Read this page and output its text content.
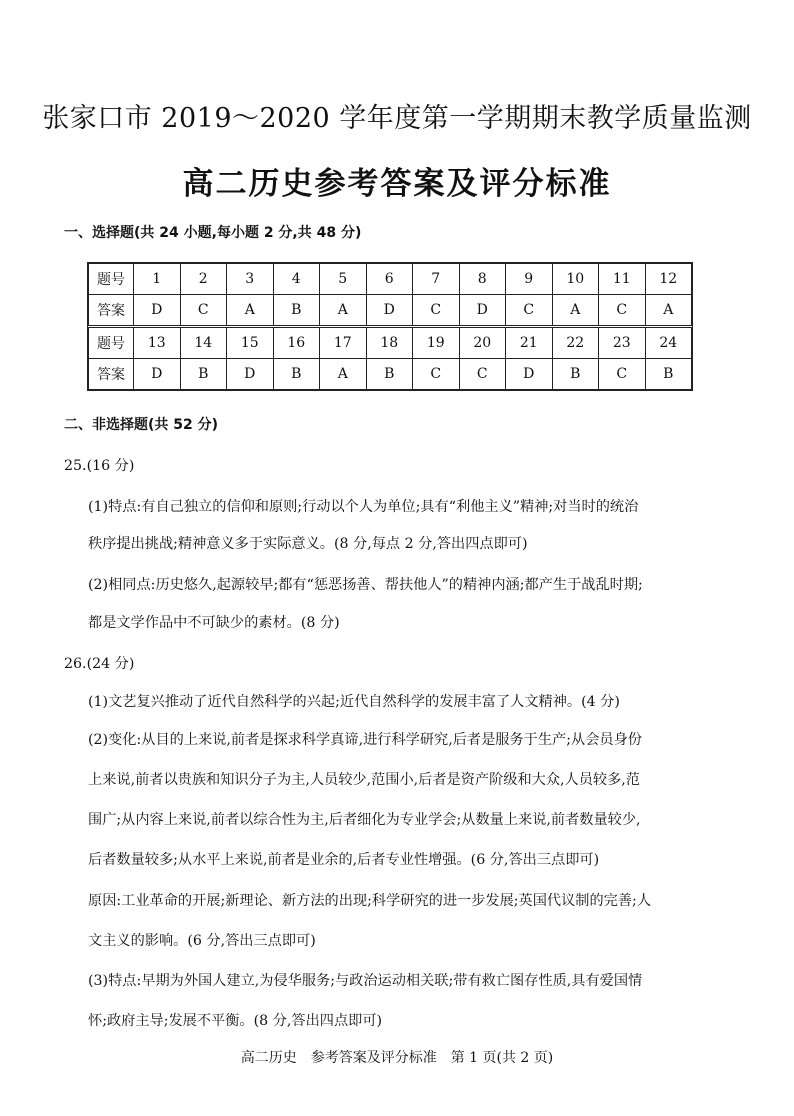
张家口市 2019～2020 学年度第一学期期末教学质量监测
高二历史参考答案及评分标准
一、选择题(共 24 小题,每小题 2 分,共 48 分)
题号	1	2	3	4	5	6	7	8	9	10	11	12
答案	D	C	A	B	A	D	C	D	C	A	C	A
题号	13	14	15	16	17	18	19	20	21	22	23	24
答案	D	B	D	B	A	B	C	C	D	B	C	B
二、非选择题(共 52 分)
25.(16 分)
(1)特点:有自己独立的信仰和原则;行动以个人为单位;具有“利他主义”精神;对当时的统治
秩序提出挑战;精神意义多于实际意义。(8 分,每点 2 分,答出四点即可)
(2)相同点:历史悠久,起源较早;都有“惩恶扬善、帮扶他人”的精神内涵;都产生于战乱时期;
都是文学作品中不可缺少的素材。(8 分)
26.(24 分)
(1)文艺复兴推动了近代自然科学的兴起;近代自然科学的发展丰富了人文精神。(4 分)
(2)变化:从目的上来说,前者是探求科学真谛,进行科学研究,后者是服务于生产;从会员身份
上来说,前者以贵族和知识分子为主,人员较少,范围小,后者是资产阶级和大众,人员较多,范
围广;从内容上来说,前者以综合性为主,后者细化为专业学会;从数量上来说,前者数量较少,
后者数量较多;从水平上来说,前者是业余的,后者专业性增强。(6 分,答出三点即可)
原因:工业革命的开展;新理论、新方法的出现;科学研究的进一步发展;英国代议制的完善;人
文主义的影响。(6 分,答出三点即可)
(3)特点:早期为外国人建立,为侵华服务;与政治运动相关联;带有救亡图存性质,具有爱国情
怀;政府主导;发展不平衡。(8 分,答出四点即可)
高二历史　参考答案及评分标准　第 1 页(共 2 页)
